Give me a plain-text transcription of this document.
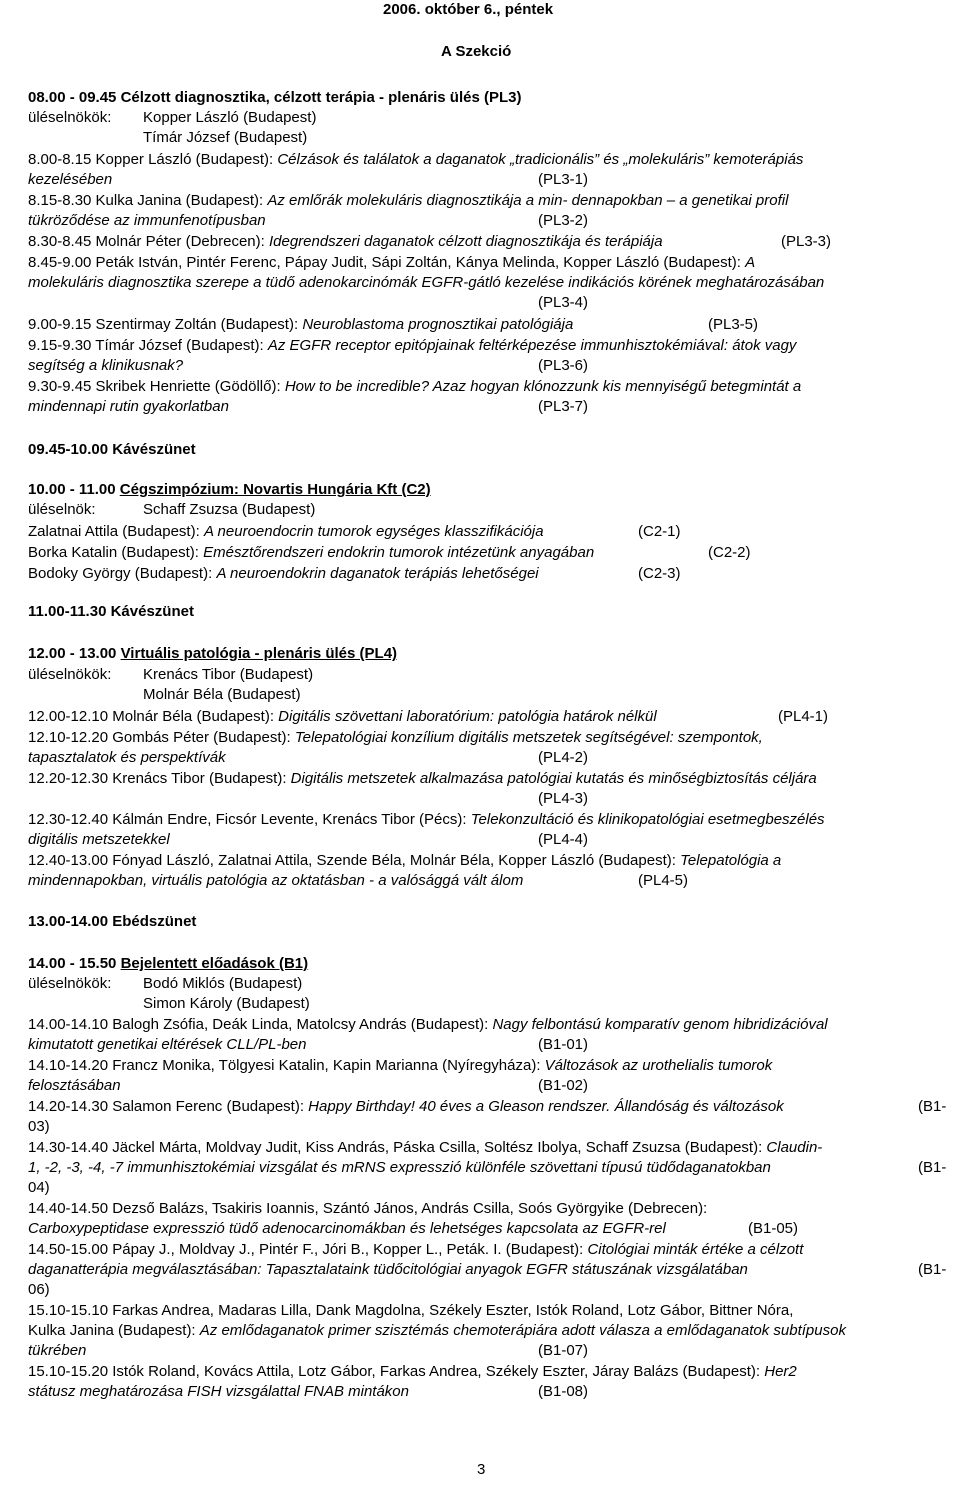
2006. október 6., péntek
A Szekció
08.00 - 09.45 Célzott diagnosztika, célzott terápia - plenáris ülés (PL3)
üléselnökök: Kopper László (Budapest)
Tímár József (Budapest)
8.00-8.15 Kopper László (Budapest): Célzások és találatok a daganatok „tradicionális” és „molekuláris” kemoterápiás
kezelésében	(PL3-1)
8.15-8.30 Kulka Janina (Budapest): Az emlőrák molekuláris diagnosztikája a min- dennapokban – a genetikai profil
tükröződése az immunfenotípusban	(PL3-2)
8.30-8.45 Molnár Péter (Debrecen): Idegrendszeri daganatok célzott diagnosztikája és terápiája	(PL3-3)
8.45-9.00 Peták István, Pintér Ferenc, Pápay Judit, Sápi Zoltán, Kánya Melinda, Kopper László (Budapest): A
molekuláris diagnosztika szerepe a tüdő adenokarcinómák EGFR-gátló kezelése indikációs körének meghatározásában
(PL3-4)
9.00-9.15 Szentirmay Zoltán (Budapest): Neuroblastoma prognosztikai patológiája	(PL3-5)
9.15-9.30 Tímár József (Budapest): Az EGFR receptor epitópjainak feltérképezése immunhisztokémiával: átok vagy
segítség a klinikusnak?	(PL3-6)
9.30-9.45 Skribek Henriette (Gödöllő): How to be incredible? Azaz hogyan klónozzunk kis mennyiségű betegmintát a
mindennapi rutin gyakorlatban	(PL3-7)
09.45-10.00 Kávészünet
10.00 - 11.00 Cégszimpózium: Novartis Hungária Kft (C2)
üléselnök:	Schaff Zsuzsa (Budapest)
Zalatnai Attila (Budapest): A neuroendocrin tumorok egységes klasszifikációja	(C2-1)
Borka Katalin (Budapest): Emésztőrendszeri endokrin tumorok intézetünk anyagában	(C2-2)
Bodoky György (Budapest): A neuroendokrin daganatok terápiás lehetőségei	(C2-3)
11.00-11.30 Kávészünet
12.00 - 13.00 Virtuális patológia - plenáris ülés (PL4)
üléselnökök: Krenács Tibor (Budapest)
Molnár Béla (Budapest)
12.00-12.10 Molnár Béla (Budapest): Digitális szövettani laboratórium: patológia határok nélkül	(PL4-1)
12.10-12.20 Gombás Péter (Budapest): Telepatológiai konzílium digitális metszetek segítségével: szempontok,
tapasztalatok és perspektívák	(PL4-2)
12.20-12.30 Krenács Tibor (Budapest): Digitális metszetek alkalmazása patológiai kutatás és minőségbiztosítás céljára
(PL4-3)
12.30-12.40 Kálmán Endre, Ficsór Levente, Krenács Tibor (Pécs): Telekonzultáció és klinikopatológiai esetmegbeszélés
digitális metszetekkel	(PL4-4)
12.40-13.00 Fónyad László, Zalatnai Attila, Szende Béla, Molnár Béla, Kopper László (Budapest): Telepatológia a
mindennapokban, virtuális patológia az oktatásban - a valósággá vált álom	(PL4-5)
13.00-14.00 Ebédszünet
14.00 - 15.50 Bejelentett előadások (B1)
üléselnökök: Bodó Miklós (Budapest)
Simon Károly (Budapest)
14.00-14.10 Balogh Zsófia, Deák Linda, Matolcsy András (Budapest): Nagy felbontású komparatív genom hibridizációval
kimutatott genetikai eltérések CLL/PL-ben	(B1-01)
14.10-14.20 Francz Monika, Tölgyesi Katalin, Kapin Marianna (Nyíregyháza): Változások az urothelialis tumorok
felosztásában	(B1-02)
14.20-14.30 Salamon Ferenc (Budapest): Happy Birthday! 40 éves a Gleason rendszer. Állandóság és változások	(B1-
03)
14.30-14.40 Jäckel Márta, Moldvay Judit, Kiss András, Páska Csilla, Soltész Ibolya, Schaff Zsuzsa (Budapest): Claudin-
1, -2, -3, -4, -7 immunhisztokémiai vizsgálat és mRNS expresszió különféle szövettani típusú tüdődaganatokban	(B1-
04)
14.40-14.50 Dezső Balázs, Tsakiris Ioannis, Szántó János, András Csilla, Soós Györgyike (Debrecen):
Carboxypeptidase expresszió tüdő adenocarcinomákban és lehetséges kapcsolata az EGFR-rel	(B1-05)
14.50-15.00 Pápay J., Moldvay J., Pintér F., Jóri B., Kopper L., Peták. I. (Budapest): Citológiai minták értéke a célzott
daganatterápia megválasztásában: Tapasztalataink tüdőcitológiai anyagok EGFR státuszának vizsgálatában	(B1-
06)
15.10-15.10 Farkas Andrea, Madaras Lilla, Dank Magdolna, Székely Eszter, Istók Roland, Lotz Gábor, Bittner Nóra,
Kulka Janina (Budapest): Az emlődaganatok primer szisztémás chemoterápiára adott válasza a emlődaganatok subtípusok
tükrében	(B1-07)
15.10-15.20 Istók Roland, Kovács Attila, Lotz Gábor, Farkas Andrea, Székely Eszter, Járay Balázs (Budapest): Her2
státusz meghatározása FISH vizsgálattal FNAB mintákon	(B1-08)
3
